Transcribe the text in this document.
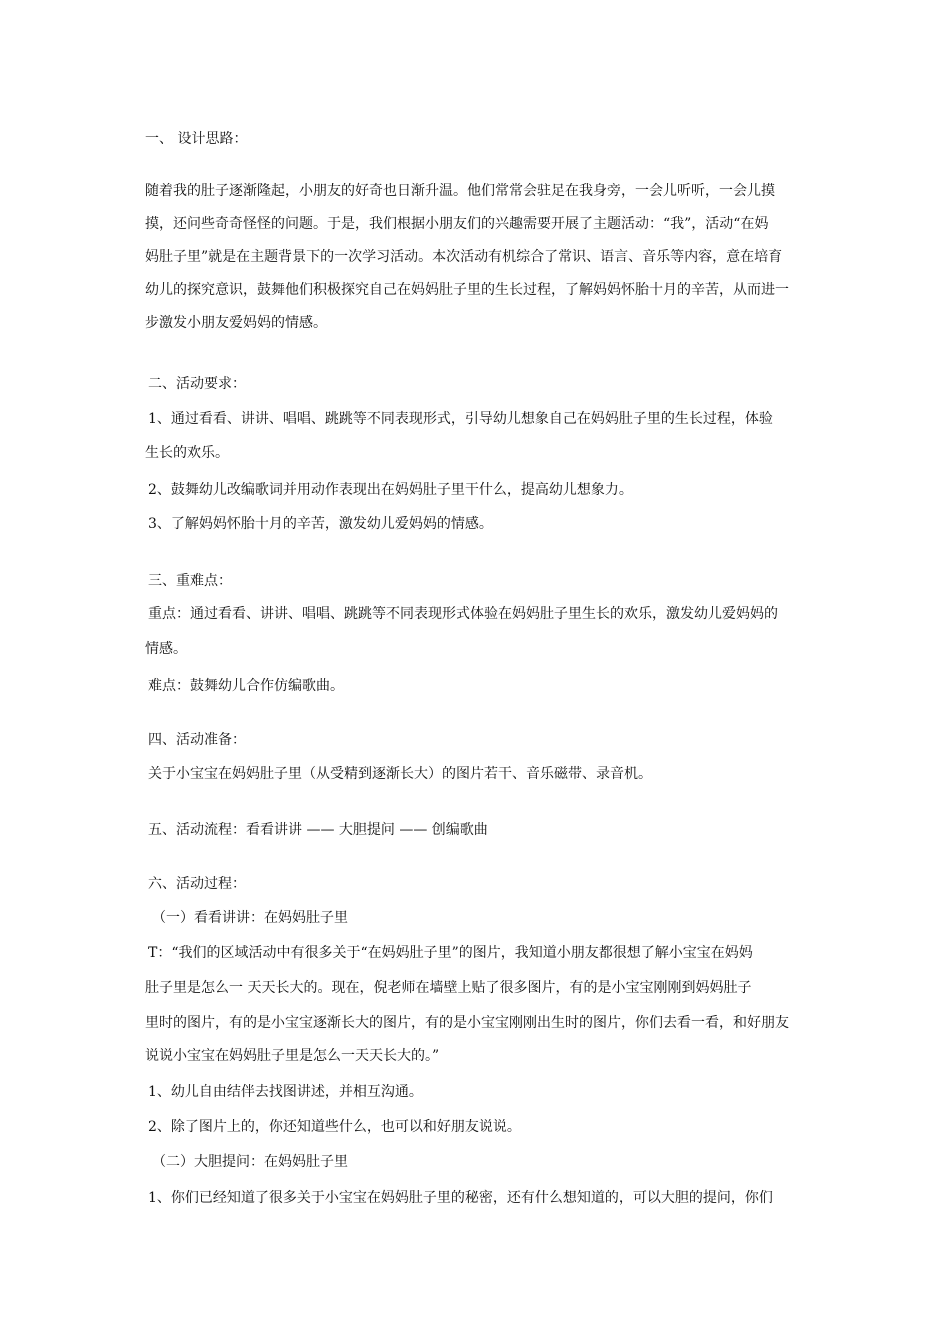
一、 设计思路：
随着我的肚子逐渐隆起，小朋友的好奇也日渐升温。他们常常会驻足在我身旁，一会儿听听，一会儿摸
摸，还问些奇奇怪怪的问题。于是，我们根据小朋友们的兴趣需要开展了主题活动：“我”，活动“在妈
妈肚子里”就是在主题背景下的一次学习活动。本次活动有机综合了常识、语言、音乐等内容，意在培育
幼儿的探究意识，鼓舞他们积极探究自己在妈妈肚子里的生长过程，了解妈妈怀胎十月的辛苦，从而进一
步激发小朋友爱妈妈的情感。
二、活动要求：
1、通过看看、讲讲、唱唱、跳跳等不同表现形式，引导幼儿想象自己在妈妈肚子里的生长过程，体验
生长的欢乐。
2、鼓舞幼儿改编歌词并用动作表现出在妈妈肚子里干什么，提高幼儿想象力。
3、了解妈妈怀胎十月的辛苦，激发幼儿爱妈妈的情感。
三、重难点：
重点：通过看看、讲讲、唱唱、跳跳等不同表现形式体验在妈妈肚子里生长的欢乐，激发幼儿爱妈妈的
情感。
难点：鼓舞幼儿合作仿编歌曲。
四、活动准备：
关于小宝宝在妈妈肚子里（从受精到逐渐长大）的图片若干、音乐磁带、录音机。
五、活动流程：看看讲讲 —— 大胆提问 —— 创编歌曲
六、活动过程：
（一）看看讲讲：在妈妈肚子里
T：“我们的区域活动中有很多关于“在妈妈肚子里”的图片，我知道小朋友都很想了解小宝宝在妈妈
肚子里是怎么一 天天长大的。现在，倪老师在墙壁上贴了很多图片，有的是小宝宝刚刚到妈妈肚子
里时的图片，有的是小宝宝逐渐长大的图片，有的是小宝宝刚刚出生时的图片，你们去看一看，和好朋友
说说小宝宝在妈妈肚子里是怎么一天天长大的。”
1、幼儿自由结伴去找图讲述，并相互沟通。
2、除了图片上的，你还知道些什么，也可以和好朋友说说。
（二）大胆提问：在妈妈肚子里
1、你们已经知道了很多关于小宝宝在妈妈肚子里的秘密，还有什么想知道的，可以大胆的提问，你们
